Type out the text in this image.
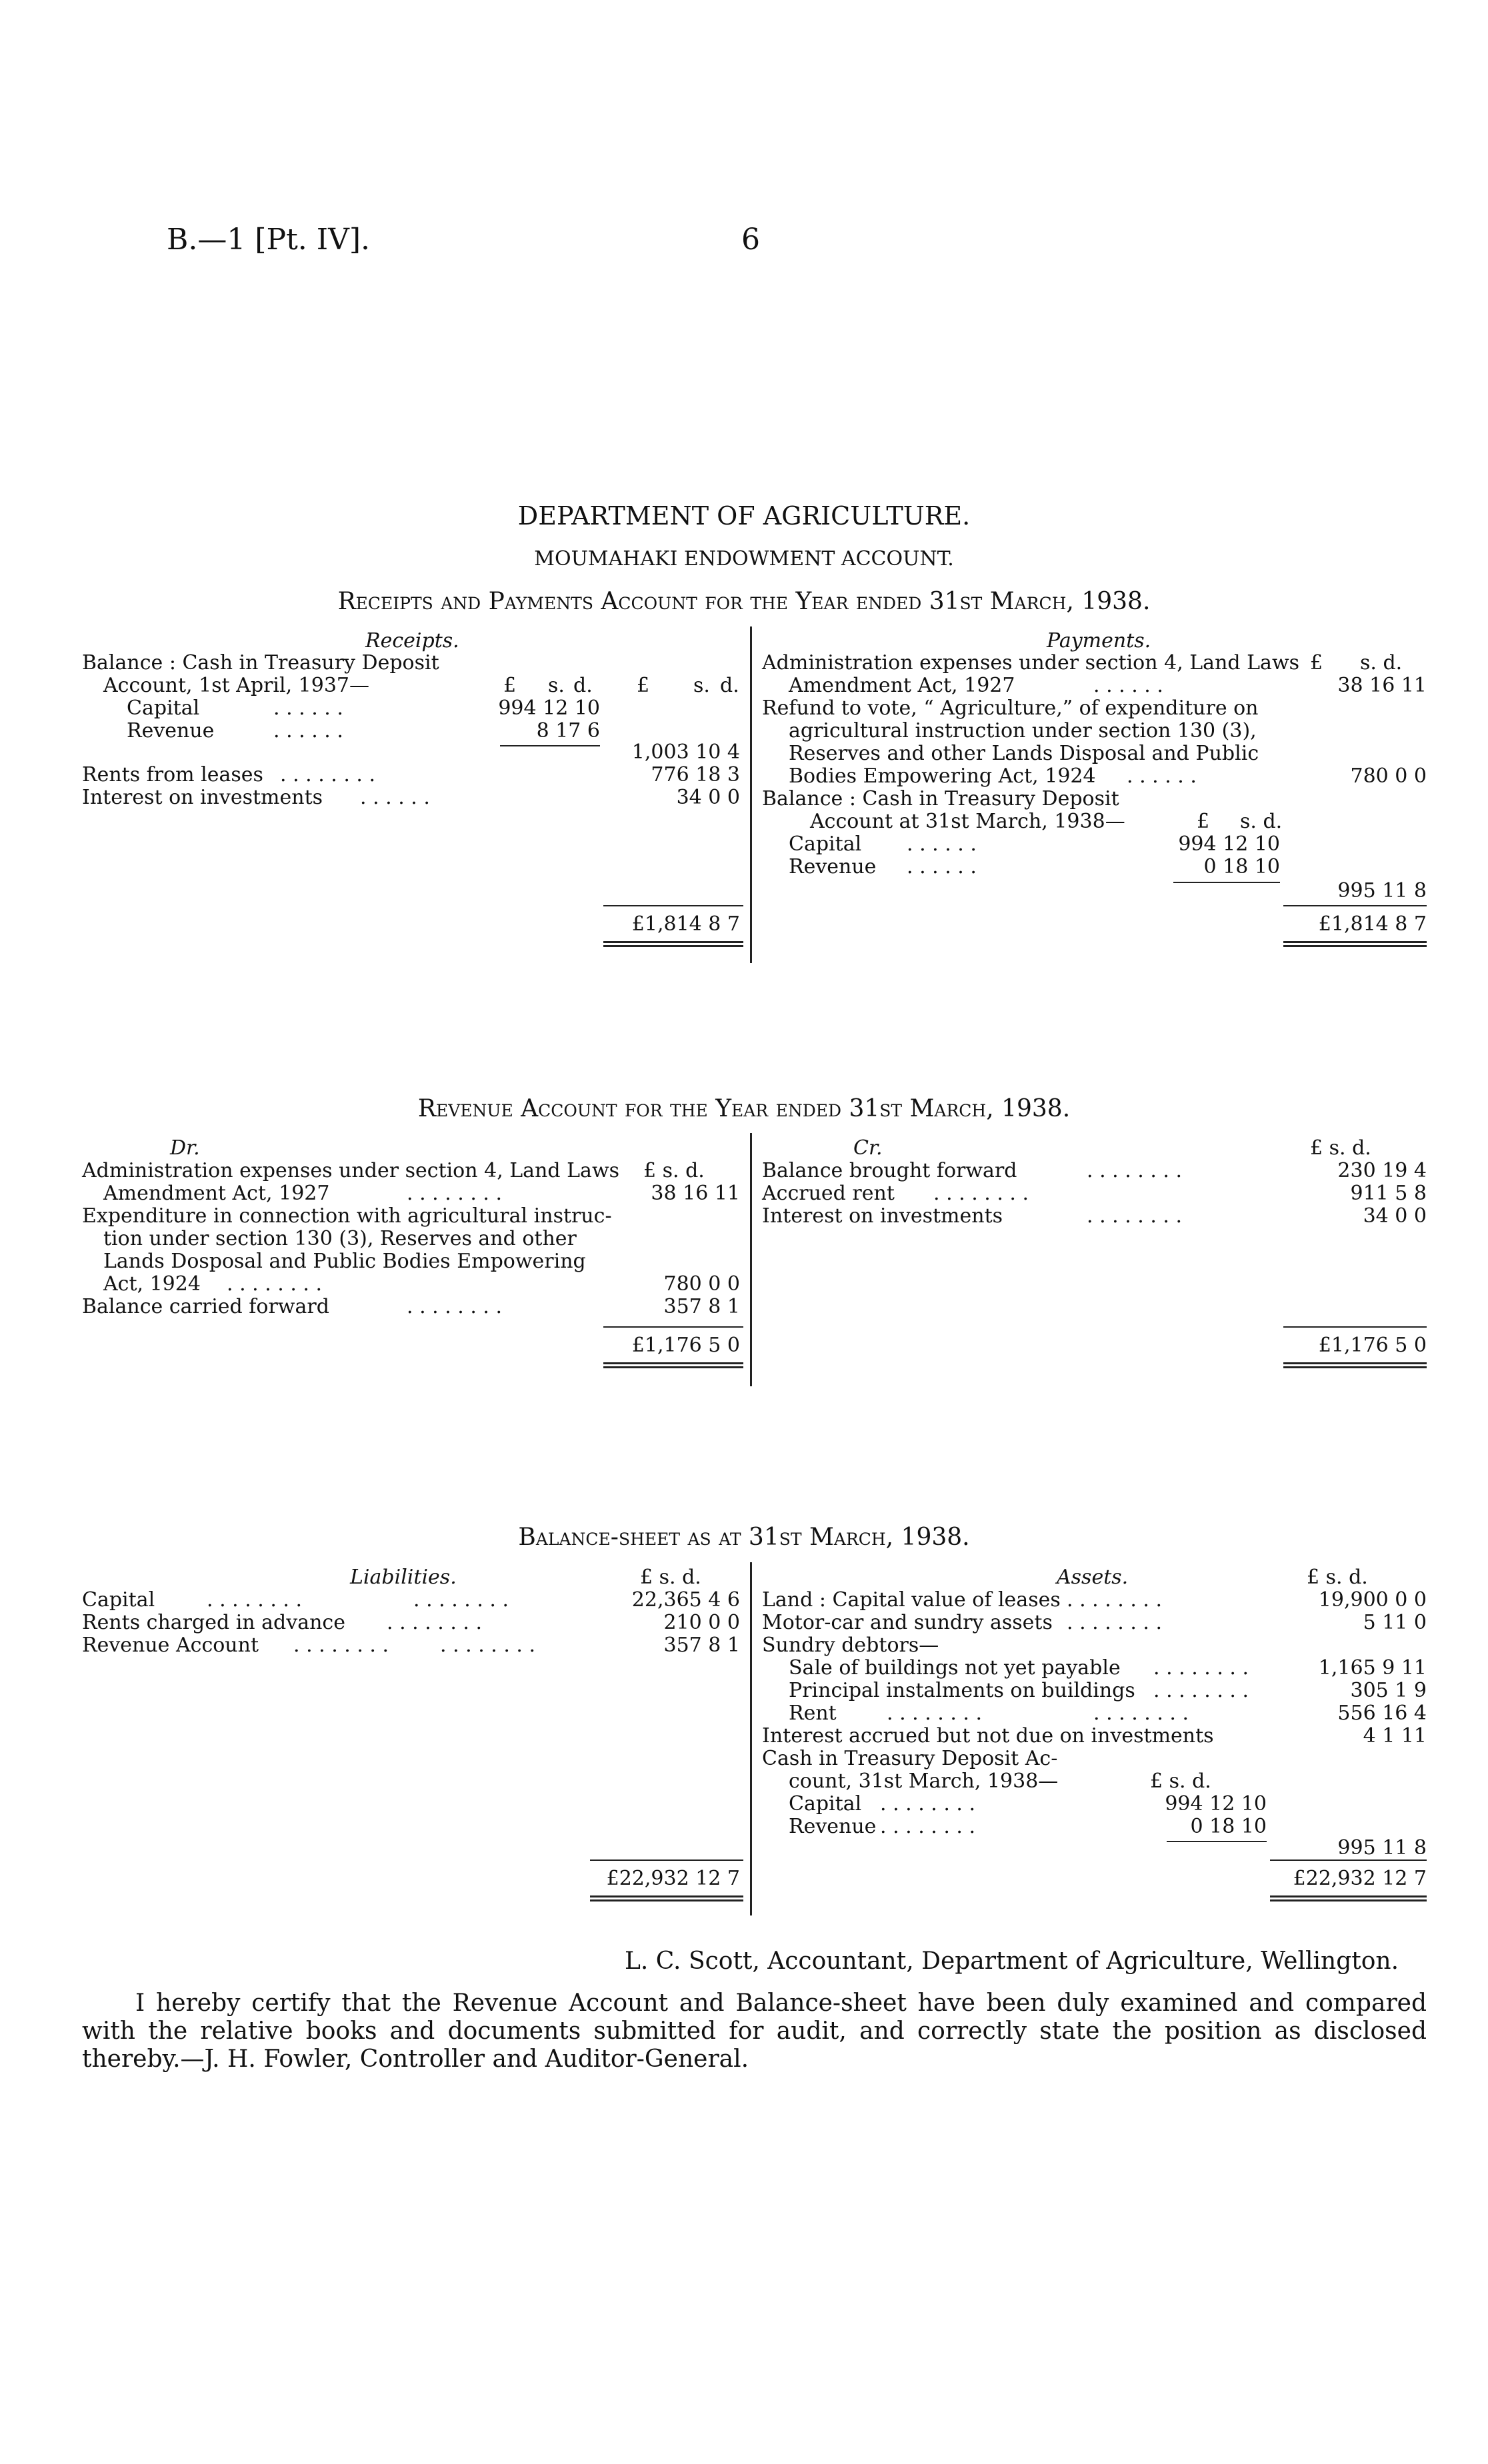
B.—1 [Pt. IV].	6
DEPARTMENT OF AGRICULTURE.
MOUMAHAKI ENDOWMENT ACCOUNT.
Receipts and Payments Account for the Year ended 31st March, 1938.
Receipts.
Balance : Cash in Treasury Deposit
Account, 1st April, 1937—	£ s. d. £ s. d.
Capital	. . . . . .	994 12 10
Revenue	. . . . . .	8 17 6
1,003 10 4
Rents from leases . . . . . . . .	776 18 3
Interest on investments . . . . . .	34 0 0
£1,814 8 7
Payments.
Administration expenses under section 4, Land Laws £ s. d.
Amendment Act, 1927	. . . . . .	38 16 11
Refund to vote, “ Agriculture,” of expenditure on
agricultural instruction under section 130 (3),
Reserves and other Lands Disposal and Public
Bodies Empowering Act, 1924 . . . . . .	780 0 0
Balance : Cash in Treasury Deposit
Account at 31st March, 1938—	£ s. d.
Capital . . . . . .	994 12 10
Revenue . . . . . .	0 18 10
995 11 8
£1,814 8 7
Revenue Account for the Year ended 31st March, 1938.
Dr.
Administration expenses under section 4, Land Laws £ s. d.
Amendment Act, 1927	. . . . . . . .	38 16 11
Expenditure in connection with agricultural instruc-
tion under section 130 (3), Reserves and other
Lands Dosposal and Public Bodies Empowering
Act, 1924 . . . . . . . .	780 0 0
Balance carried forward	. . . . . . . .	357 8 1
£1,176 5 0
Cr.	£ s. d.
Balance brought forward	. . . . . . . .	230 19 4
Accrued rent . . . . . . . .	911 5 8
Interest on investments	. . . . . . . .	34 0 0
£1,176 5 0
Balance-sheet as at 31st March, 1938.
Liabilities.	£ s. d.
Capital	. . . . . . . .	. . . . . . . .	22,365 4 6
Rents charged in advance . . . . . . . .	210 0 0
Revenue Account . . . . . . . .	. . . . . . . .	357 8 1
£22,932 12 7
Assets.	£ s. d.
Land : Capital value of leases . . . . . . . .	19,900 0 0
Motor-car and sundry assets . . . . . . . .	5 11 0
Sundry debtors—
Sale of buildings not yet payable . . . . . . . .	1,165 9 11
Principal instalments on buildings . . . . . . . .	305 1 9
Rent	. . . . . . . .	. . . . . . . .	556 16 4
Interest accrued but not due on investments	4 1 11
Cash in Treasury Deposit Ac-
count, 31st March, 1938—	£ s. d.
Capital . . . . . . . .	994 12 10
Revenue . . . . . . . .	0 18 10
995 11 8
£22,932 12 7
L. C. Scott, Accountant, Department of Agriculture, Wellington.
I hereby certify that the Revenue Account and Balance-sheet have been duly examined and compared with the relative books and documents submitted for audit, and correctly state the position as disclosed thereby.—J. H. Fowler, Controller and Auditor-General.
